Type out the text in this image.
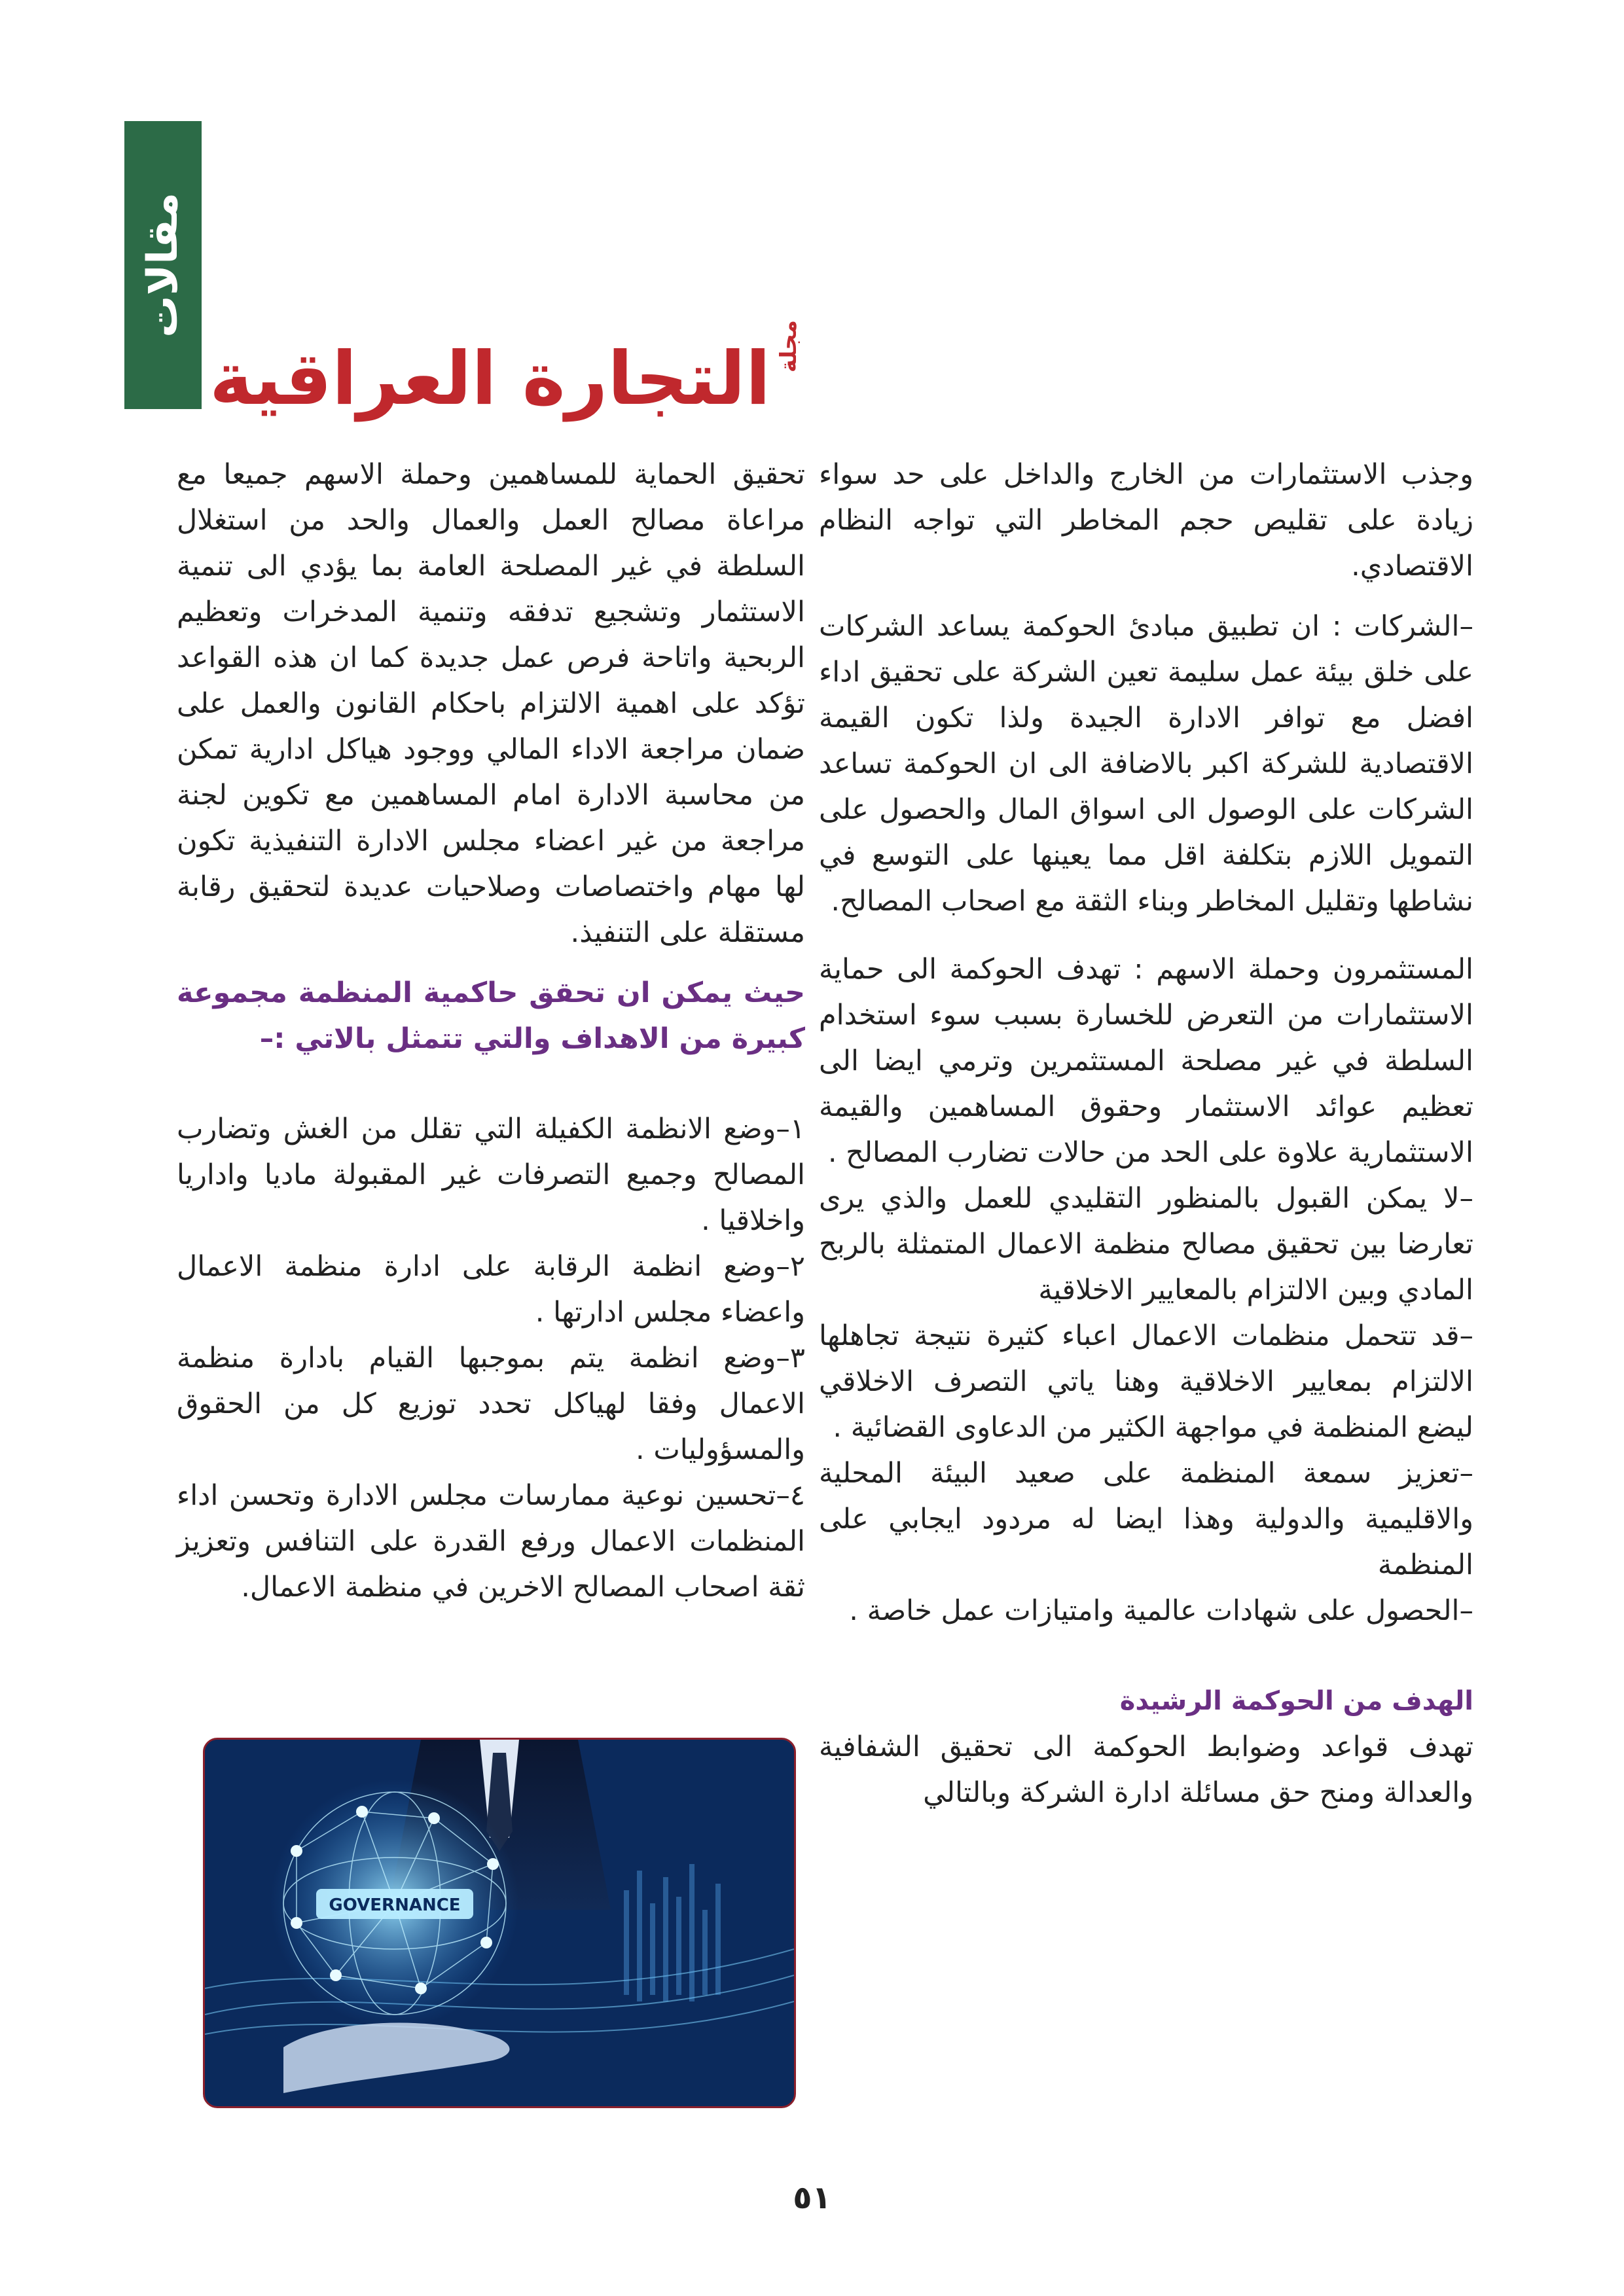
مقالات
مجلة
التجارة العراقية

وجذب الاستثمارات من الخارج والداخل على حد سواء زيادة على تقليص حجم المخاطر التي تواجه النظام الاقتصادي.

–الشركات : ان تطبيق مبادئ الحوكمة يساعد الشركات على خلق بيئة عمل سليمة تعين الشركة على تحقيق اداء افضل مع توافر الادارة الجيدة ولذا تكون القيمة الاقتصادية للشركة اكبر بالاضافة الى ان الحوكمة تساعد الشركات على الوصول الى اسواق المال والحصول على التمويل اللازم بتكلفة اقل مما يعينها على التوسع في نشاطها وتقليل المخاطر وبناء الثقة مع اصحاب المصالح.

المستثمرون وحملة الاسهم : تهدف الحوكمة الى حماية الاستثمارات من التعرض للخسارة بسبب سوء استخدام السلطة في غير مصلحة المستثمرين وترمي ايضا الى تعظيم عوائد الاستثمار وحقوق المساهمين والقيمة الاستثمارية علاوة على الحد من حالات تضارب المصالح .

–لا يمكن القبول بالمنظور التقليدي للعمل والذي يرى تعارضا بين تحقيق مصالح منظمة الاعمال المتمثلة بالربح المادي وبين الالتزام بالمعايير الاخلاقية

–قد تتحمل منظمات الاعمال اعباء كثيرة نتيجة تجاهلها الالتزام بمعايير الاخلاقية وهنا ياتي التصرف الاخلاقي ليضع المنظمة في مواجهة الكثير من الدعاوى القضائية .

–تعزيز سمعة المنظمة على صعيد البيئة المحلية والاقليمية والدولية وهذا ايضا له مردود ايجابي على المنظمة

–الحصول على شهادات عالمية وامتيازات عمل خاصة .

الهدف من الحوكمة الرشيدة

تهدف قواعد وضوابط الحوكمة الى تحقيق الشفافية والعدالة ومنح حق مسائلة ادارة الشركة وبالتالي

تحقيق الحماية للمساهمين وحملة الاسهم جميعا مع مراعاة مصالح العمل والعمال والحد من استغلال السلطة في غير المصلحة العامة بما يؤدي الى تنمية الاستثمار وتشجيع تدفقه وتنمية المدخرات وتعظيم الربحية واتاحة فرص عمل جديدة كما ان هذه القواعد تؤكد على اهمية الالتزام باحكام القانون والعمل على ضمان مراجعة الاداء المالي ووجود هياكل ادارية تمكن من محاسبة الادارة امام المساهمين مع تكوين لجنة مراجعة من غير اعضاء مجلس الادارة التنفيذية تكون لها مهام واختصاصات وصلاحيات عديدة لتحقيق رقابة مستقلة على التنفيذ.

حيث يمكن ان تحقق حاكمية المنظمة مجموعة كبيرة من الاهداف والتي تتمثل بالاتي :–

١–وضع الانظمة الكفيلة التي تقلل من الغش وتضارب المصالح وجميع التصرفات غير المقبولة ماديا واداريا واخلاقيا .

٢–وضع انظمة الرقابة على ادارة منظمة الاعمال واعضاء مجلس ادارتها .

٣–وضع انظمة يتم بموجبها القيام بادارة منظمة الاعمال وفقا لهياكل تحدد توزيع كل من الحقوق والمسؤوليات .

٤–تحسين نوعية ممارسات مجلس الادارة وتحسن اداء المنظمات الاعمال ورفع القدرة على التنافس وتعزيز ثقة اصحاب المصالح الاخرين في منظمة الاعمال.

GOVERNANCE
٥١
